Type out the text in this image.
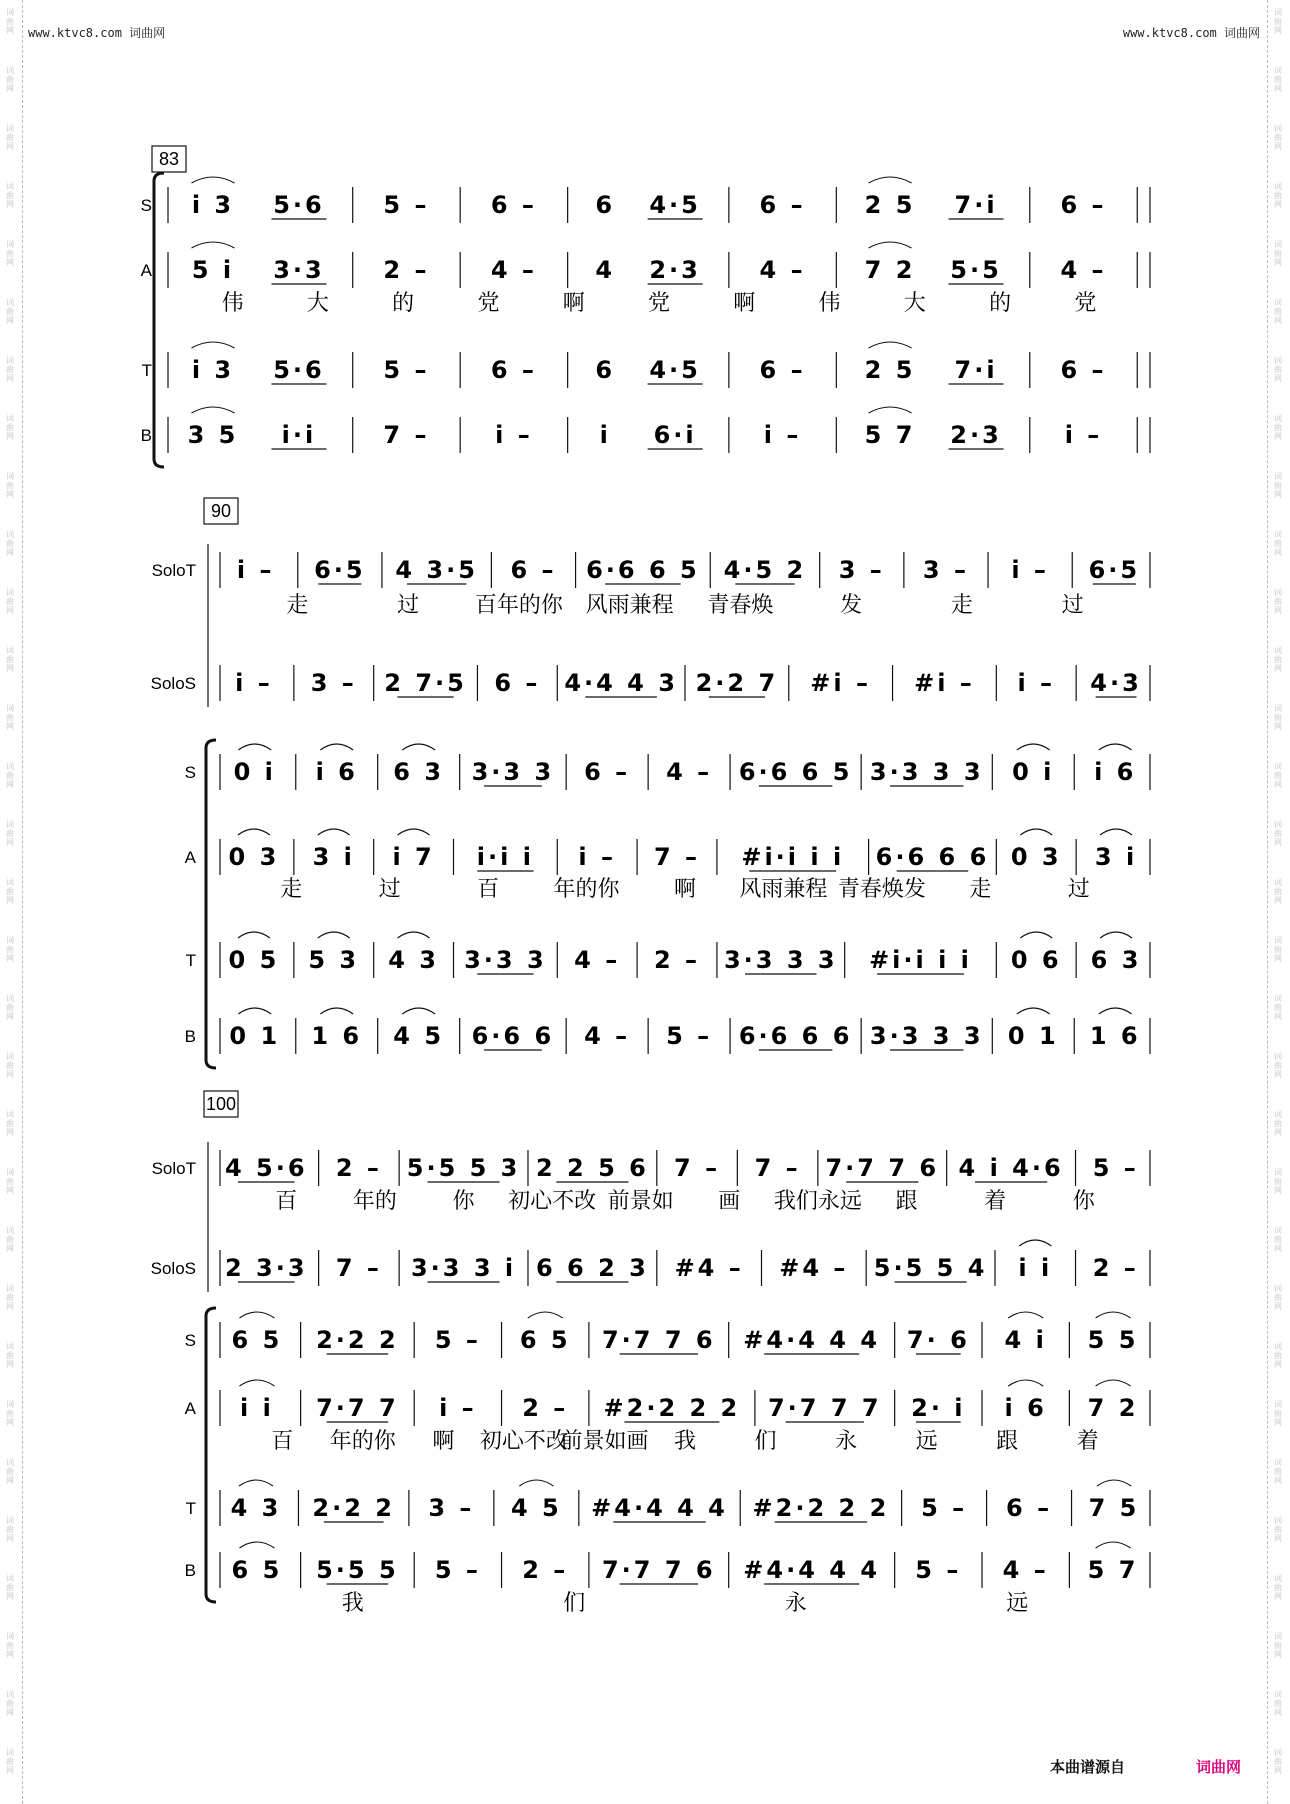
词
曲
网
词
曲
网
词
曲
网
词
曲
网
词
曲
网
词
曲
网
词
曲
网
词
曲
网
词
曲
网
词
曲
网
词
曲
网
词
曲
网
词
曲
网
词
曲
网
词
曲
网
词
曲
网
词
曲
网
词
曲
网
词
曲
网
词
曲
网
词
曲
网
词
曲
网
词
曲
网
词
曲
网
词
曲
网
词
曲
网
词
曲
网
词
曲
网
词
曲
网
词
曲
网
词
曲
网
词
曲
网
词
曲
网
词
曲
网
词
曲
网
词
曲
网
词
曲
网
词
曲
网
词
曲
网
词
曲
网
词
曲
网
词
曲
网
词
曲
网
词
曲
网
词
曲
网
词
曲
网
词
曲
网
词
曲
网
词
曲
网
词
曲
网
词
曲
网
词
曲
网
词
曲
网
词
曲
网
词
曲
网
词
曲
网
词
曲
网
词
曲
网
词
曲
网
词
曲
网
词
曲
网
词
曲
网
www.ktvc8.com 词曲网	www.ktvc8.com 词曲网
83
S i 3 5·6 5 –	6 – 6 4·5 6 – 2 5 7·i	6 –
A 5 i 3·3 2 –	4 – 4 2·3 4 – 7 2 5·5 4 –
伟	大	的	党	啊	党	啊	伟	大	的	党
T i 3 5·6 5 –	6 – 6 4·5 6 – 2 5 7·i	6 –
B 3 5 i·i	7 –	i –	i 6·i	i –	5 7 2·3	i –
90
SoloT i – 6·5 4 3·5 6 – 6·6 6 5 4·5 2 3 – 3 – i – 6·5
走	过	百年的你 风雨兼程 青春焕	发	走	过
SoloS i – 3 – 2 7·5 6 – 4·4 4 3 2·2 7 #i – #i – i – 4·3
S 0 i i 6 6 3 3·3 3 6 – 4 – 6·6 6 5 3·3 3 3 0 i i 6
A 0 3 3 i i 7 i·i i i – 7 – #i·i i i 6·6 6 6 0 3 3 i
走	过	百 年的你 啊 风雨兼程 青春焕发 走	过
T 0 5 5 3 4 3 3·3 3 4 – 2 – 3·3 3 3 #i·i i i 0 6 6 3
B 0 1 1 6 4 5 6·6 6 4 – 5 – 6·6 6 6 3·3 3 3 0 1 1 6
100
SoloT 4 5·6 2 – 5·5 5 3 2 2 5 6 7 – 7 – 7·7 7 6 4 i 4·6 5 –
百	年的	你 初心不改 前景如 画 我们永远 跟	着	你
SoloS 2 3·3 7 – 3·3 3 i 6 6 2 3 #4 – #4 – 5·5 5 4 i i 2 –
S 6 5 2·2 2 5 – 6 5 7·7 7 6 #4·4 4 4 7· 6 4 i 5 5
A i i 7·7 7 i – 2 – #2·2 2 2 7·7 7 7 2· i i 6 7 2
百 年的你 啊 初心不改
前景如画 我	们	永	远	跟	着
T 4 3 2·2 2 3 – 4 5 #4·4 4 4 #2·2 2 2 5 – 6 – 7 5
B 6 5 5·5 5 5 – 2 – 7·7 7 6 #4·4 4 4 5 – 4 – 5 7
我	们	永	远
本曲谱源自	词曲网
